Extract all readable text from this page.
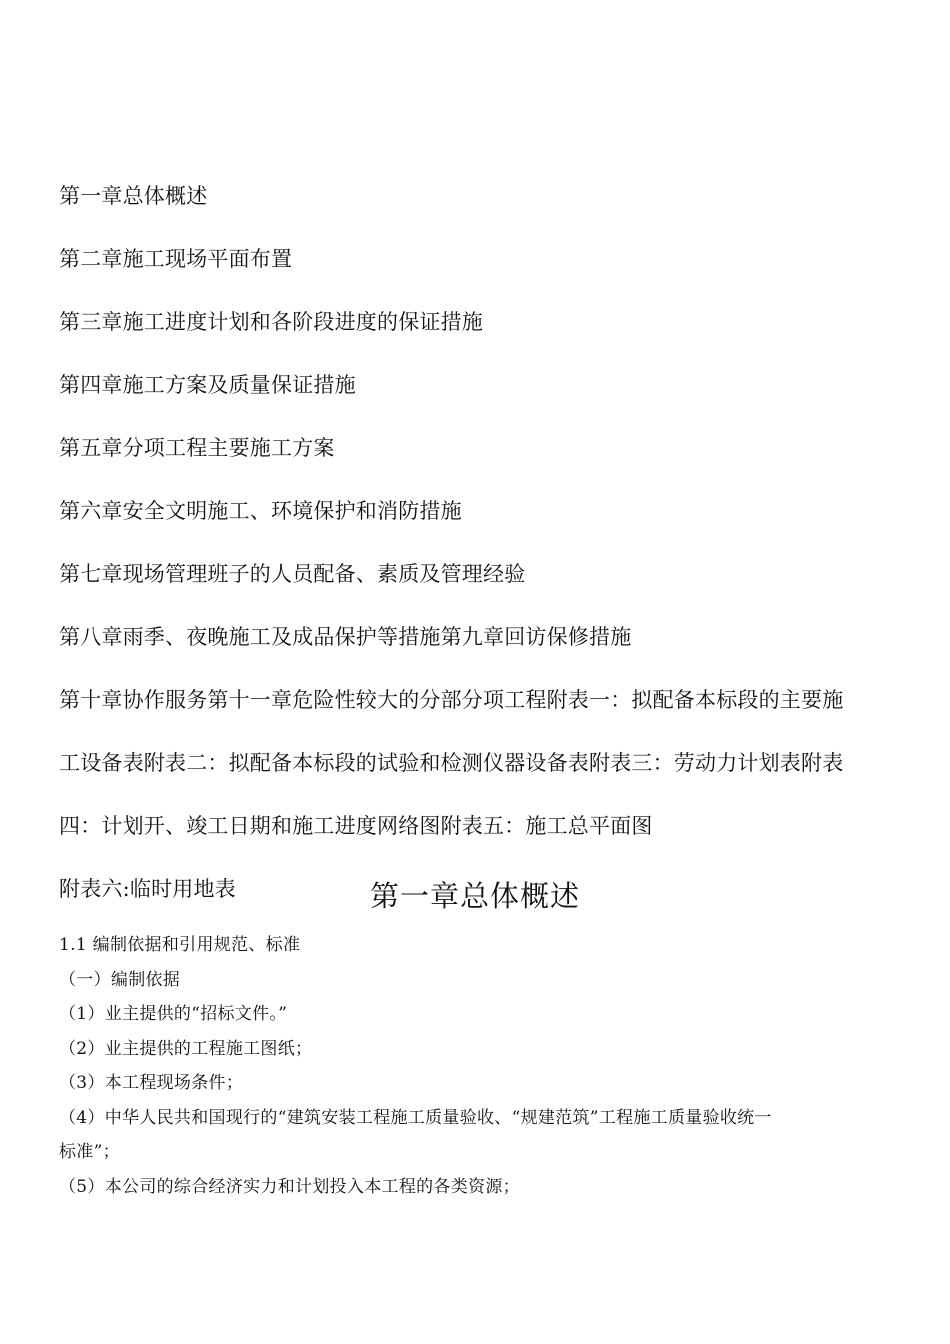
第一章总体概述
第二章施工现场平面布置
第三章施工进度计划和各阶段进度的保证措施
第四章施工方案及质量保证措施
第五章分项工程主要施工方案
第六章安全文明施工、环境保护和消防措施
第七章现场管理班子的人员配备、素质及管理经验
第八章雨季、夜晚施工及成品保护等措施第九章回访保修措施
第十章协作服务第十一章危险性较大的分部分项工程附表一：拟配备本标段的主要施
工设备表附表二：拟配备本标段的试验和检测仪器设备表附表三：劳动力计划表附表
四：计划开、竣工日期和施工进度网络图附表五：施工总平面图
附表六:临时用地表	第一章总体概述

1.1 编制依据和引用规范、标准

（一）编制依据

（1）业主提供的“招标文件。”

（2）业主提供的工程施工图纸；

（3）本工程现场条件；

（4）中华人民共和国现行的“建筑安装工程施工质量验收、“规建范筑”工程施工质量验收统一

标准”；

（5）本公司的综合经济实力和计划投入本工程的各类资源；
